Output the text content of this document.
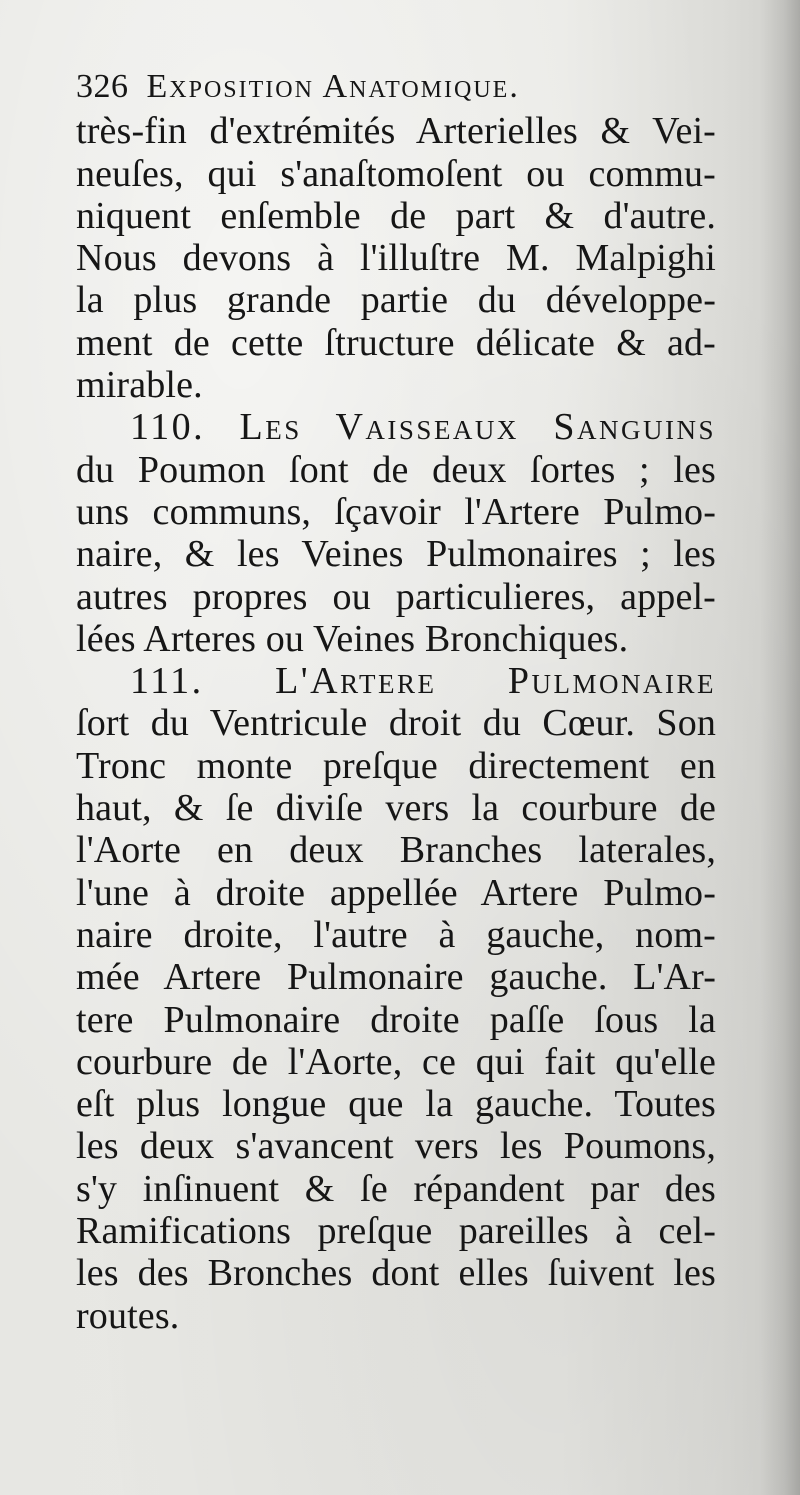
326 Exposition Anatomique.
très-fin d'extrémités Arterielles & Vei-
neuſes, qui s'anaſtomoſent ou commu-
niquent enſemble de part & d'autre.
Nous devons à l'illuſtre M. Malpighi
la plus grande partie du développe-
ment de cette ſtructure délicate & ad-
mirable.
110. Les Vaisseaux Sanguins
du Poumon ſont de deux ſortes ; les
uns communs, ſçavoir l'Artere Pulmo-
naire, & les Veines Pulmonaires ; les
autres propres ou particulieres, appel-
lées Arteres ou Veines Bronchiques.
111. L'Artere Pulmonaire
ſort du Ventricule droit du Cœur. Son
Tronc monte preſque directement en
haut, & ſe diviſe vers la courbure de
l'Aorte en deux Branches laterales,
l'une à droite appellée Artere Pulmo-
naire droite, l'autre à gauche, nom-
mée Artere Pulmonaire gauche. L'Ar-
tere Pulmonaire droite paſſe ſous la
courbure de l'Aorte, ce qui fait qu'elle
eſt plus longue que la gauche. Toutes
les deux s'avancent vers les Poumons,
s'y inſinuent & ſe répandent par des
Ramifications preſque pareilles à cel-
les des Bronches dont elles ſuivent les
routes.
